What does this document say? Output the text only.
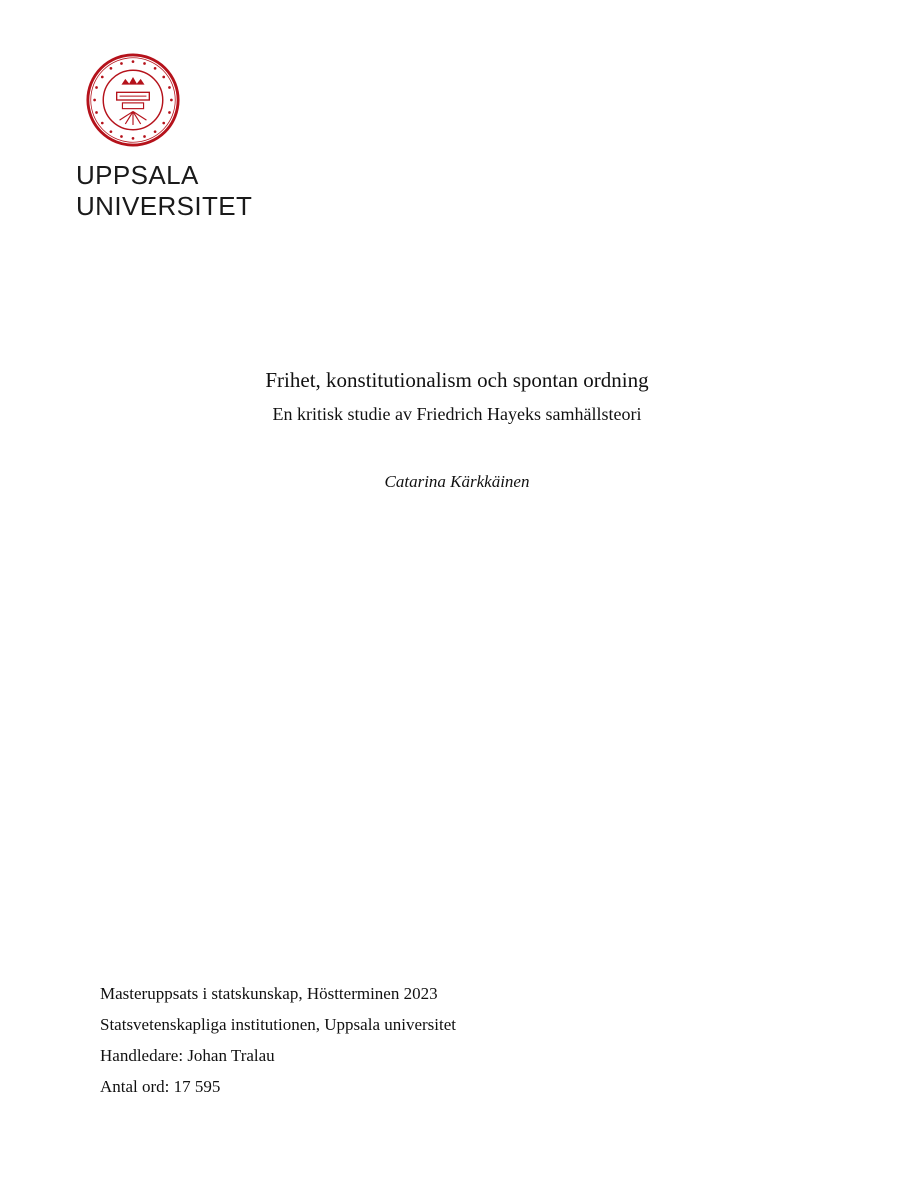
UPPSALA
UNIVERSITET
Frihet, konstitutionalism och spontan ordning
En kritisk studie av Friedrich Hayeks samhällsteori
Catarina Kärkkäinen
Masteruppsats i statskunskap, Höstterminen 2023
Statsvetenskapliga institutionen, Uppsala universitet
Handledare: Johan Tralau
Antal ord: 17 595
